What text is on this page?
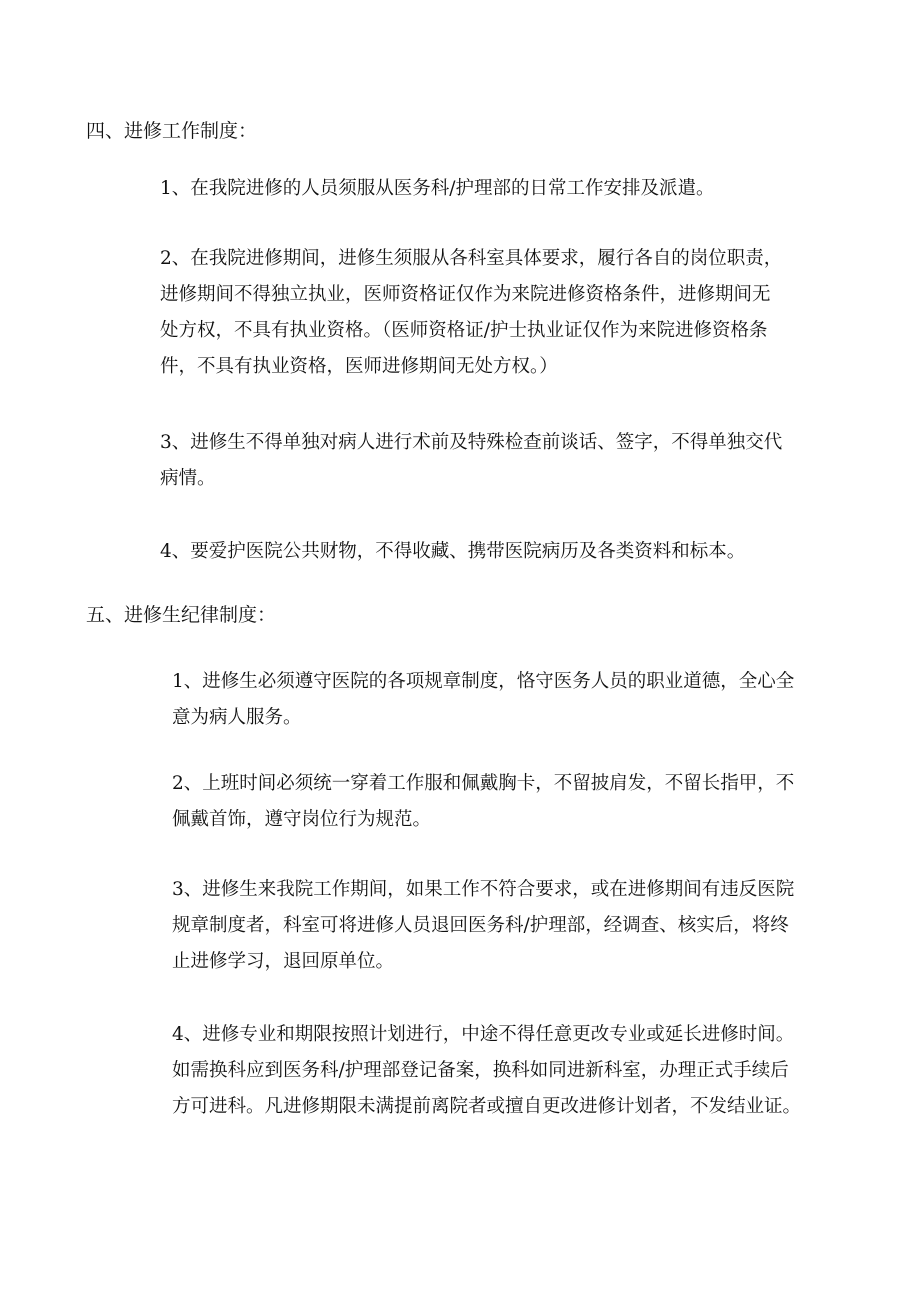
四、进修工作制度：
1、在我院进修的人员须服从医务科/护理部的日常工作安排及派遣。
2、在我院进修期间，进修生须服从各科室具体要求，履行各自的岗位职责，
进修期间不得独立执业，医师资格证仅作为来院进修资格条件，进修期间无
处方权，不具有执业资格。（医师资格证/护士执业证仅作为来院进修资格条
件，不具有执业资格，医师进修期间无处方权。）
3、进修生不得单独对病人进行术前及特殊检查前谈话、签字，不得单独交代
病情。
4、要爱护医院公共财物，不得收藏、携带医院病历及各类资料和标本。
五、进修生纪律制度：
1、进修生必须遵守医院的各项规章制度，恪守医务人员的职业道德，全心全
意为病人服务。
2、上班时间必须统一穿着工作服和佩戴胸卡，不留披肩发，不留长指甲，不
佩戴首饰，遵守岗位行为规范。
3、进修生来我院工作期间，如果工作不符合要求，或在进修期间有违反医院
规章制度者，科室可将进修人员退回医务科/护理部，经调查、核实后，将终
止进修学习，退回原单位。
4、进修专业和期限按照计划进行，中途不得任意更改专业或延长进修时间。
如需换科应到医务科/护理部登记备案，换科如同进新科室，办理正式手续后
方可进科。凡进修期限未满提前离院者或擅自更改进修计划者，不发结业证。
